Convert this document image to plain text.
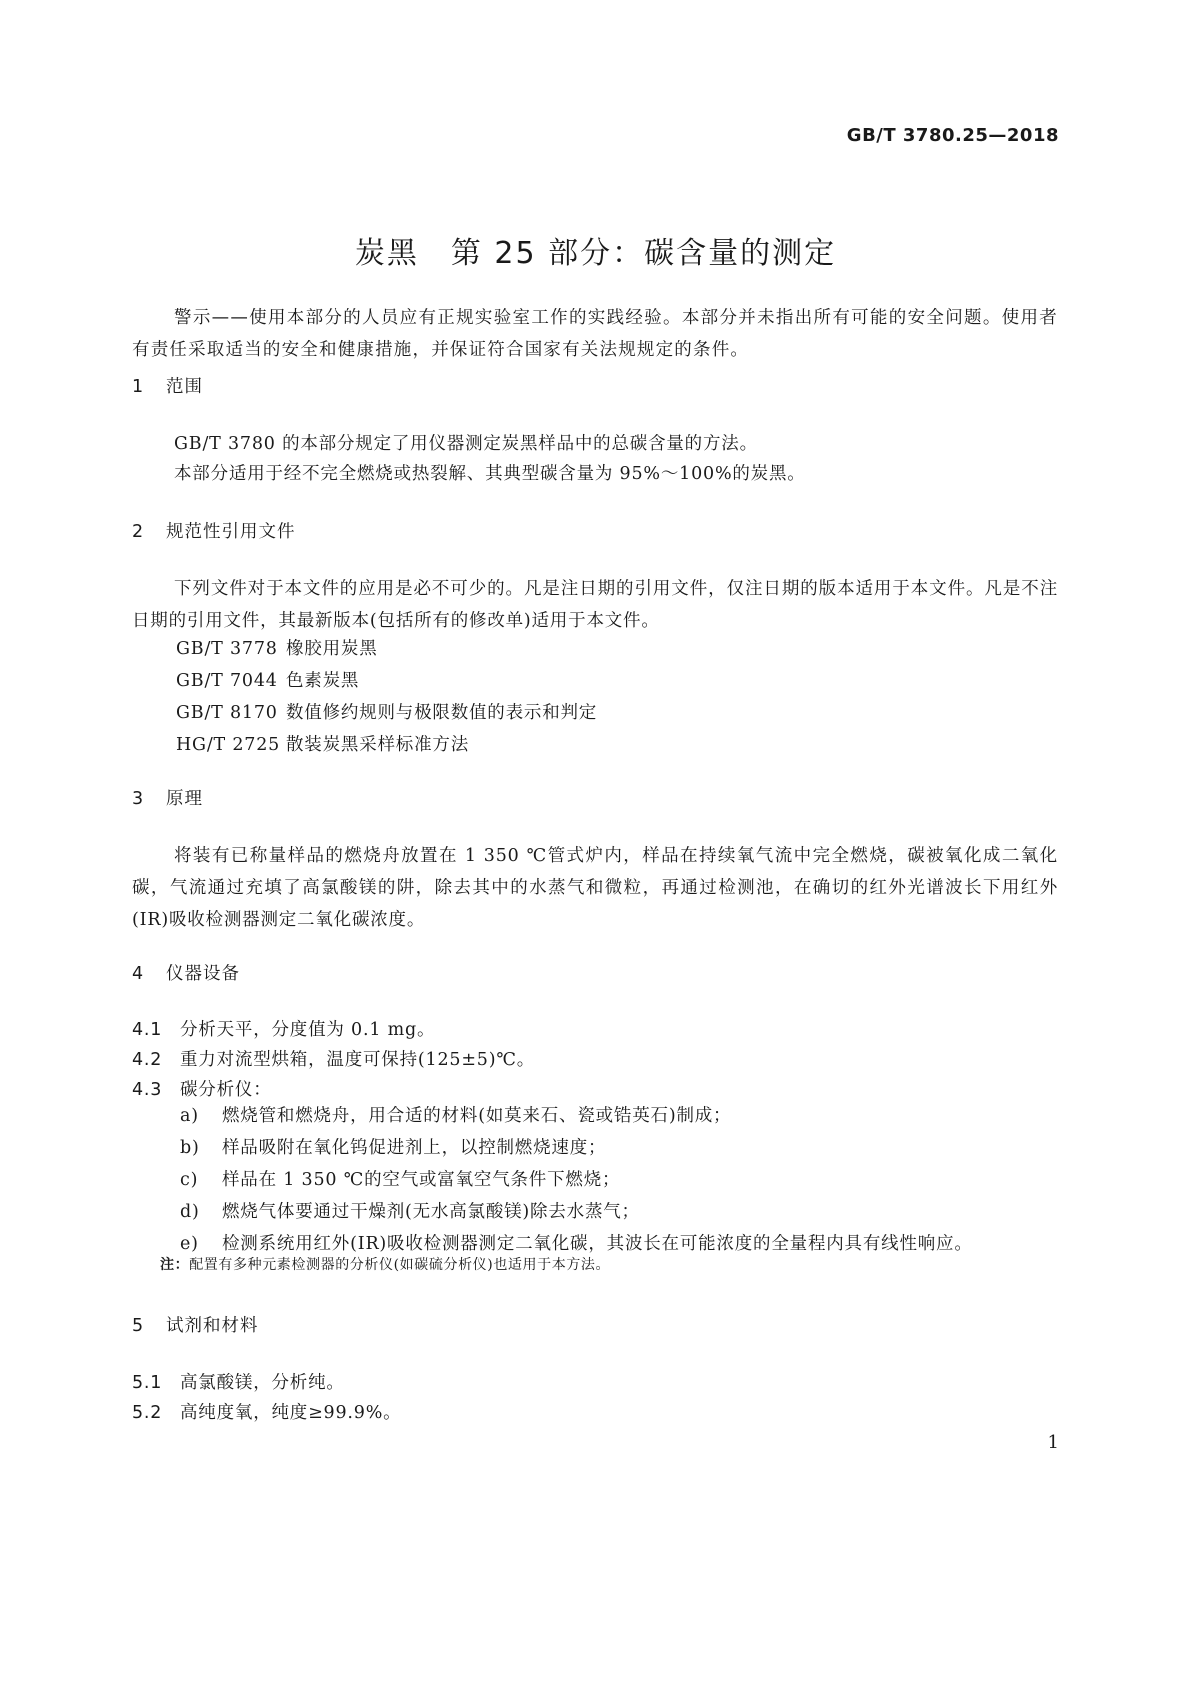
GB/T 3780.25—2018
炭黑　第 25 部分：碳含量的测定

警示——使用本部分的人员应有正规实验室工作的实践经验。本部分并未指出所有可能的安全问题。使用者有责任采取适当的安全和健康措施，并保证符合国家有关法规规定的条件。

1 范围

GB/T 3780 的本部分规定了用仪器测定炭黑样品中的总碳含量的方法。

本部分适用于经不完全燃烧或热裂解、其典型碳含量为 95%～100%的炭黑。

2 规范性引用文件

下列文件对于本文件的应用是必不可少的。凡是注日期的引用文件，仅注日期的版本适用于本文件。凡是不注日期的引用文件，其最新版本(包括所有的修改单)适用于本文件。

GB/T 3778 橡胶用炭黑
GB/T 7044 色素炭黑
GB/T 8170 数值修约规则与极限数值的表示和判定
HG/T 2725 散装炭黑采样标准方法
3 原理

将装有已称量样品的燃烧舟放置在 1 350 ℃管式炉内，样品在持续氧气流中完全燃烧，碳被氧化成二氧化碳，气流通过充填了高氯酸镁的阱，除去其中的水蒸气和微粒，再通过检测池，在确切的红外光谱波长下用红外(IR)吸收检测器测定二氧化碳浓度。

4 仪器设备

4.1 分析天平，分度值为 0.1 mg。

4.2 重力对流型烘箱，温度可保持(125±5)℃。

4.3 碳分析仪：

a) 燃烧管和燃烧舟，用合适的材料(如莫来石、瓷或锆英石)制成；
b) 样品吸附在氧化钨促进剂上，以控制燃烧速度；
c) 样品在 1 350 ℃的空气或富氧空气条件下燃烧；
d) 燃烧气体要通过干燥剂(无水高氯酸镁)除去水蒸气；
e) 检测系统用红外(IR)吸收检测器测定二氧化碳，其波长在可能浓度的全量程内具有线性响应。

注：配置有多种元素检测器的分析仪(如碳硫分析仪)也适用于本方法。

5 试剂和材料

5.1 高氯酸镁，分析纯。

5.2 高纯度氧，纯度≥99.9%。

1
